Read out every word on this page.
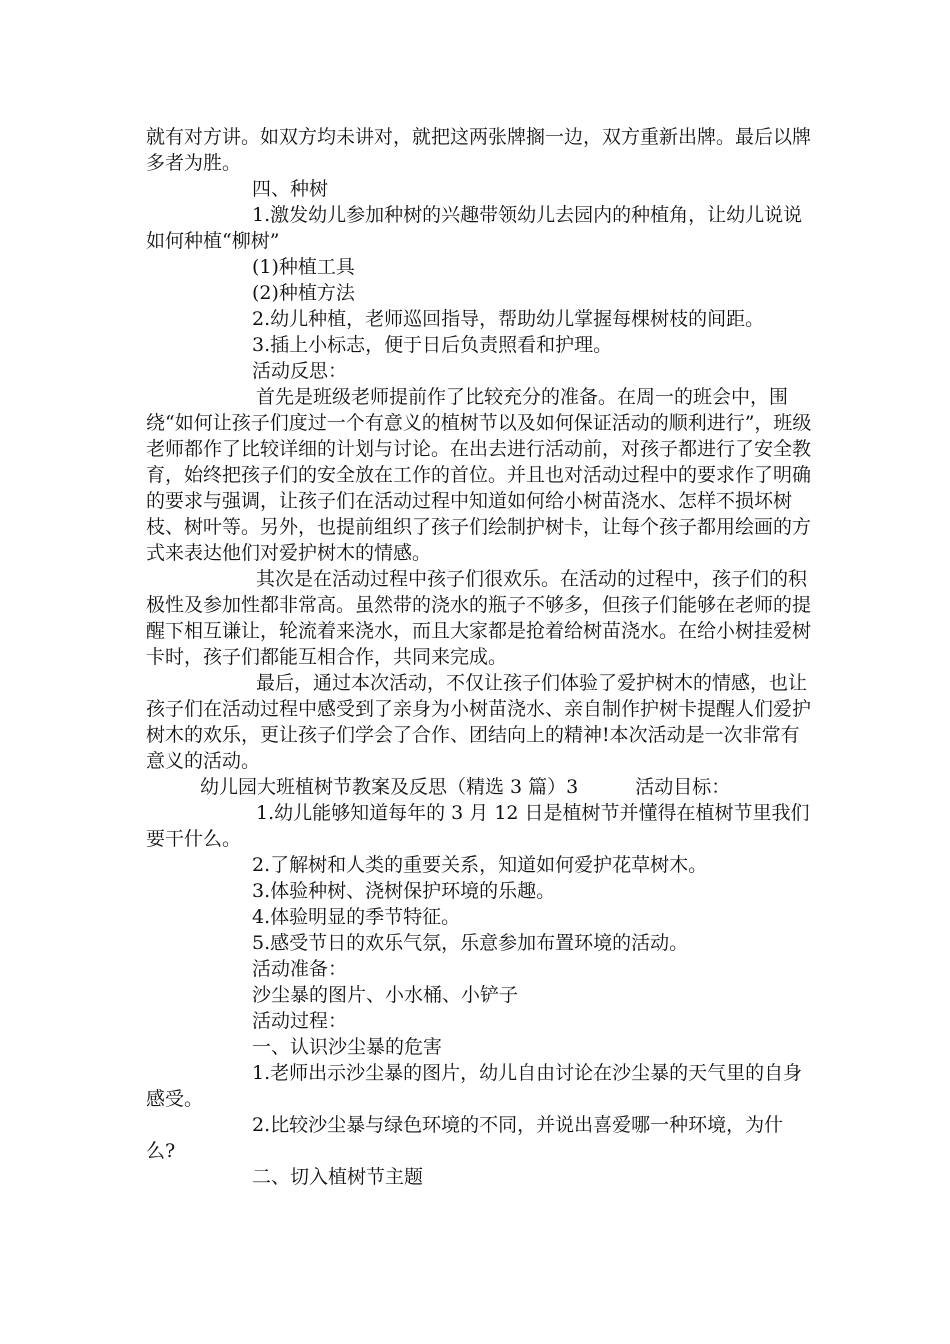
就有对方讲。如双方均未讲对，就把这两张牌搁一边，双方重新出牌。最后以牌多者为胜。

四、种树

1.激发幼儿参加种树的兴趣带领幼儿去园内的种植角，让幼儿说说如何种植“柳树”

(1)种植工具

(2)种植方法

2.幼儿种植，老师巡回指导，帮助幼儿掌握每棵树枝的间距。

3.插上小标志，便于日后负责照看和护理。

活动反思：

首先是班级老师提前作了比较充分的准备。在周一的班会中，围绕“如何让孩子们度过一个有意义的植树节以及如何保证活动的顺利进行”，班级老师都作了比较详细的计划与讨论。在出去进行活动前，对孩子都进行了安全教育，始终把孩子们的安全放在工作的首位。并且也对活动过程中的要求作了明确的要求与强调，让孩子们在活动过程中知道如何给小树苗浇水、怎样不损坏树枝、树叶等。另外，也提前组织了孩子们绘制护树卡，让每个孩子都用绘画的方式来表达他们对爱护树木的情感。

其次是在活动过程中孩子们很欢乐。在活动的过程中，孩子们的积极性及参加性都非常高。虽然带的浇水的瓶子不够多，但孩子们能够在老师的提醒下相互谦让，轮流着来浇水，而且大家都是抢着给树苗浇水。在给小树挂爱树卡时，孩子们都能互相合作，共同来完成。

最后，通过本次活动，不仅让孩子们体验了爱护树木的情感，也让孩子们在活动过程中感受到了亲身为小树苗浇水、亲自制作护树卡提醒人们爱护树木的欢乐，更让孩子们学会了合作、团结向上的精神!本次活动是一次非常有意义的活动。

幼儿园大班植树节教案及反思（精选 3 篇）3　　　活动目标：

1.幼儿能够知道每年的 3 月 12 日是植树节并懂得在植树节里我们要干什么。

2.了解树和人类的重要关系，知道如何爱护花草树木。

3.体验种树、浇树保护环境的乐趣。

4.体验明显的季节特征。

5.感受节日的欢乐气氛，乐意参加布置环境的活动。

活动准备：

沙尘暴的图片、小水桶、小铲子

活动过程：

一、认识沙尘暴的危害

1.老师出示沙尘暴的图片，幼儿自由讨论在沙尘暴的天气里的自身感受。

2.比较沙尘暴与绿色环境的不同，并说出喜爱哪一种环境，为什么?

二、切入植树节主题
